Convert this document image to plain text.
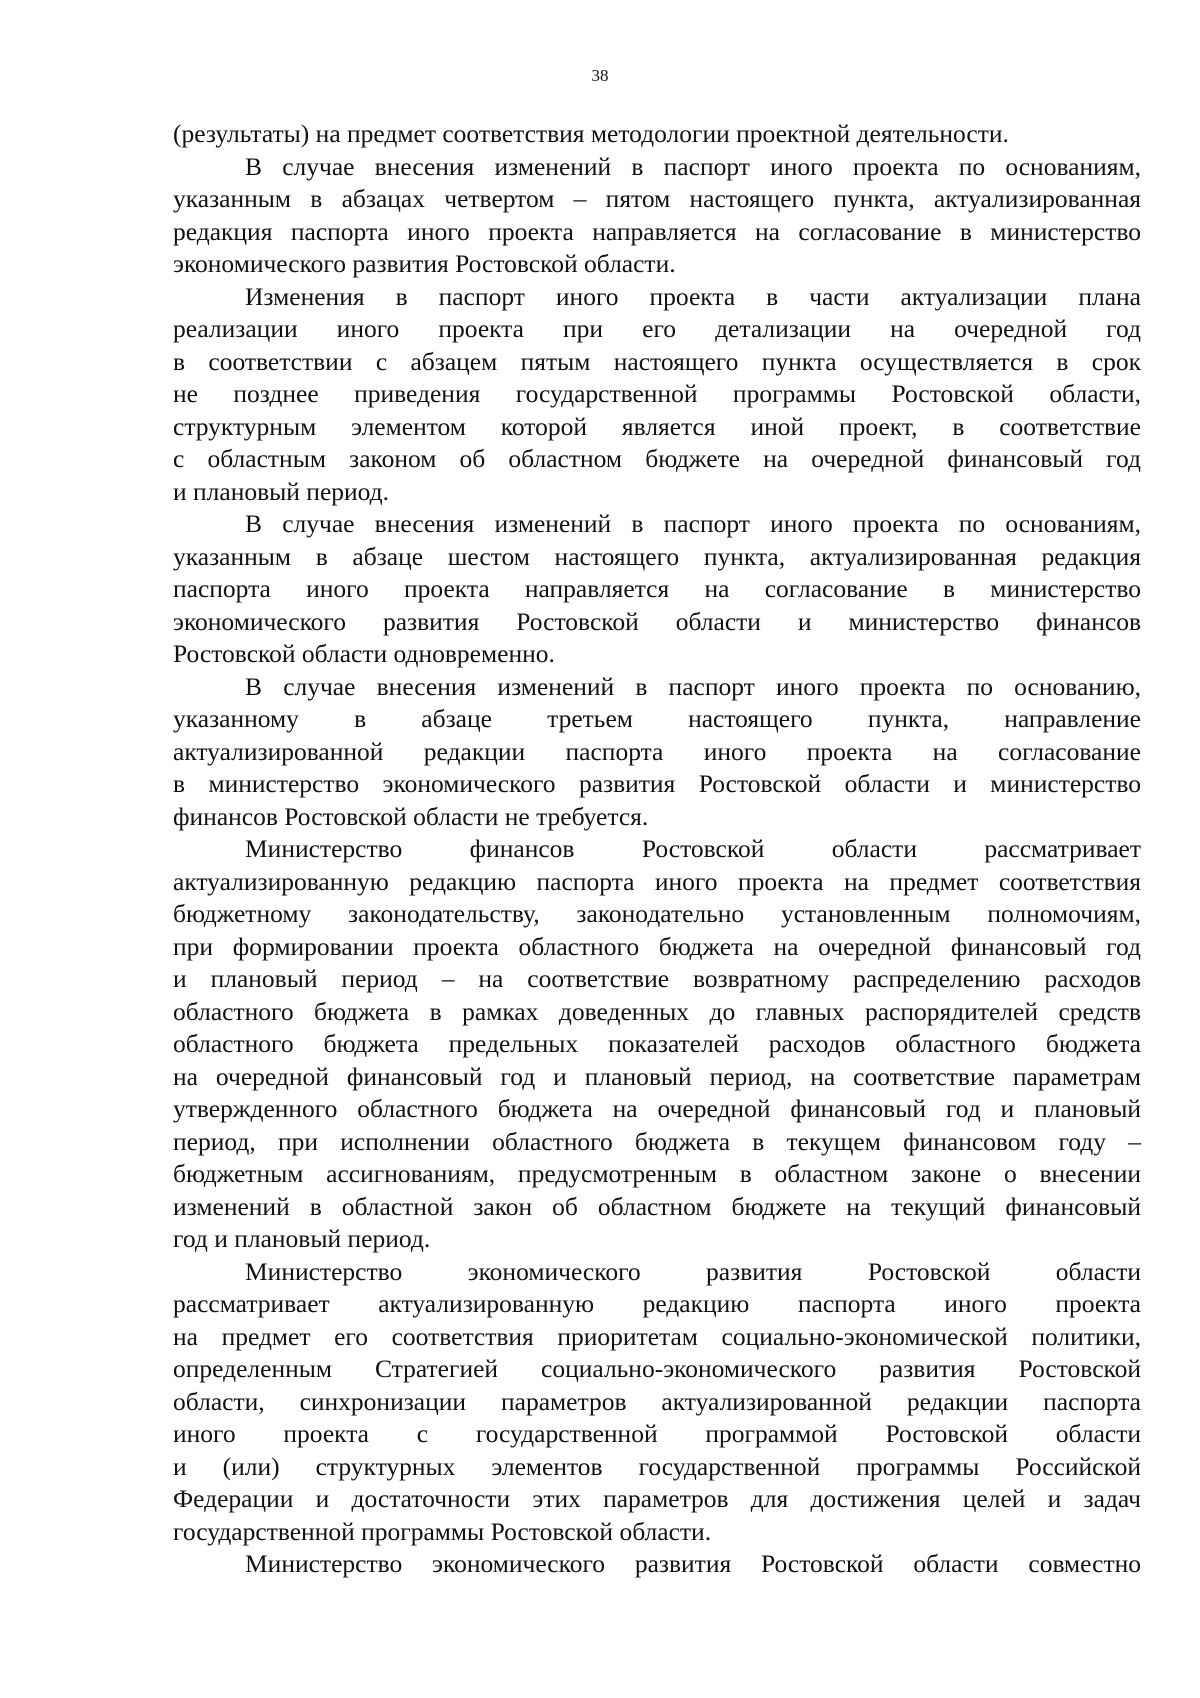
38
(результаты) на предмет соответствия методологии проектной деятельности.
В случае внесения изменений в паспорт иного проекта по основаниям,
указанным в абзацах четвертом – пятом настоящего пункта, актуализированная
редакция паспорта иного проекта направляется на согласование в министерство
экономического развития Ростовской области.
Изменения в паспорт иного проекта в части актуализации плана
реализации иного проекта при его детализации на очередной год
в соответствии с абзацем пятым настоящего пункта осуществляется в срок
не позднее приведения государственной программы Ростовской области,
структурным элементом которой является иной проект, в соответствие
с областным законом об областном бюджете на очередной финансовый год
и плановый период.
В случае внесения изменений в паспорт иного проекта по основаниям,
указанным в абзаце шестом настоящего пункта, актуализированная редакция
паспорта иного проекта направляется на согласование в министерство
экономического развития Ростовской области и министерство финансов
Ростовской области одновременно.
В случае внесения изменений в паспорт иного проекта по основанию,
указанному в абзаце третьем настоящего пункта, направление
актуализированной редакции паспорта иного проекта на согласование
в министерство экономического развития Ростовской области и министерство
финансов Ростовской области не требуется.
Министерство финансов Ростовской области рассматривает
актуализированную редакцию паспорта иного проекта на предмет соответствия
бюджетному законодательству, законодательно установленным полномочиям,
при формировании проекта областного бюджета на очередной финансовый год
и плановый период – на соответствие возвратному распределению расходов
областного бюджета в рамках доведенных до главных распорядителей средств
областного бюджета предельных показателей расходов областного бюджета
на очередной финансовый год и плановый период, на соответствие параметрам
утвержденного областного бюджета на очередной финансовый год и плановый
период, при исполнении областного бюджета в текущем финансовом году –
бюджетным ассигнованиям, предусмотренным в областном законе о внесении
изменений в областной закон об областном бюджете на текущий финансовый
год и плановый период.
Министерство экономического развития Ростовской области
рассматривает актуализированную редакцию паспорта иного проекта
на предмет его соответствия приоритетам социально-экономической политики,
определенным Стратегией социально-экономического развития Ростовской
области, синхронизации параметров актуализированной редакции паспорта
иного проекта с государственной программой Ростовской области
и (или) структурных элементов государственной программы Российской
Федерации и достаточности этих параметров для достижения целей и задач
государственной программы Ростовской области.
Министерство экономического развития Ростовской области совместно
